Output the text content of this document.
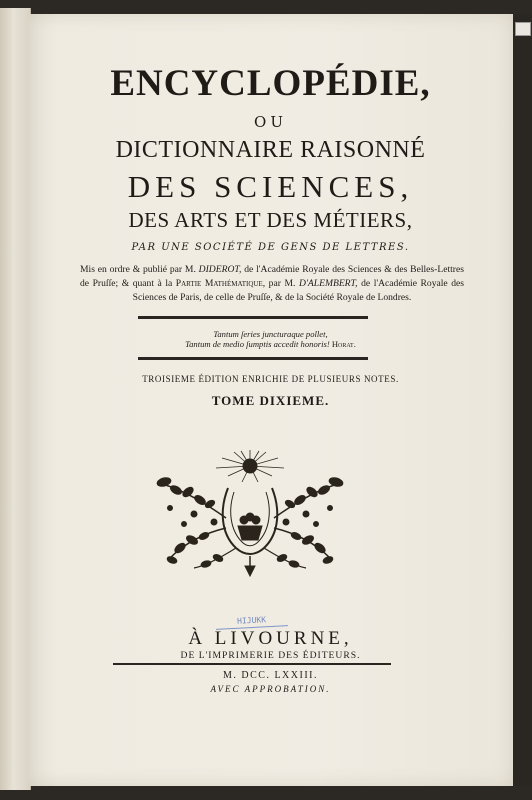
ENCYCLOPÉDIE,
OU
DICTIONNAIRE RAISONNÉ
DES SCIENCES,
DES ARTS ET DES MÉTIERS,
PAR UNE SOCIÉTÉ DE GENS DE LETTRES.
Mis en ordre & publié par M. DIDEROT, de l'Académie Royale des Sciences & des Belles-Lettres de Pruſſe; & quant à la Partie Mathématique, par M. D'ALEMBERT, de l'Académie Royale des Sciences de Paris, de celle de Pruſſe, & de la Société Royale de Londres.
Tantum ſeries juncturaque pollet,
Tantum de medio ſumptis accedit honoris! Horat.
TROISIEME ÉDITION ENRICHIE DE PLUSIEURS NOTES.
TOME DIXIEME.
HIJUKK
À LIVOURNE,
DE L'IMPRIMERIE DES ÉDITEURS.
M. DCC. LXXIII.
AVEC APPROBATION.
